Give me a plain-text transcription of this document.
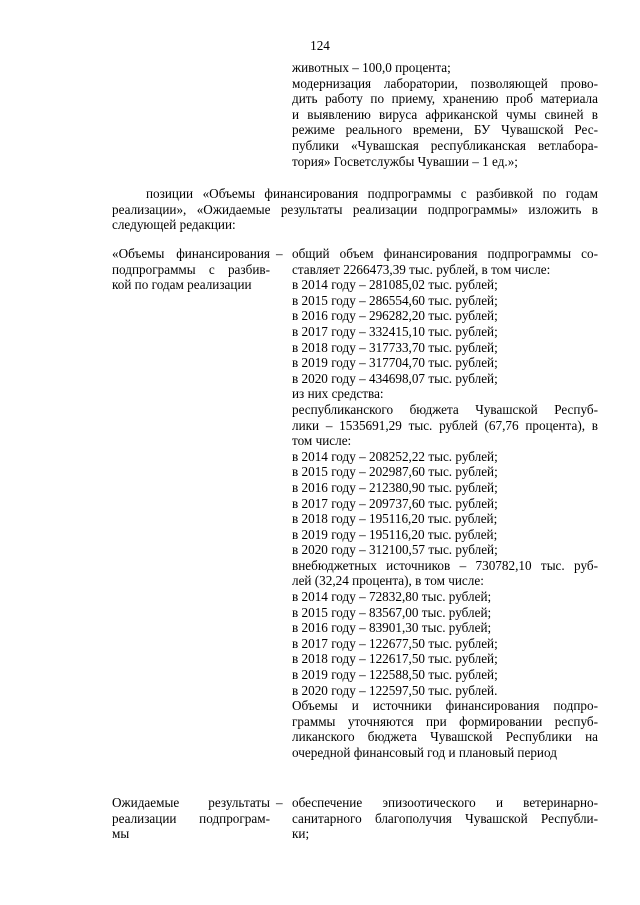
124
животных – 100,0 процента;
модернизация лаборатории, позволяющей прово-
дить работу по приему, хранению проб материала
и выявлению вируса африканской чумы свиней в
режиме реального времени, БУ Чувашской Рес-
публики «Чувашская республиканская ветлабора-
тория» Госветслужбы Чувашии – 1 ед.»;
позиции «Объемы финансирования подпрограммы с разбивкой по годам
реализации», «Ожидаемые результаты реализации подпрограммы» изложить в
следующей редакции:
«Объемы финансирования
подпрограммы с разбив-
кой по годам реализации
– общий объем финансирования подпрограммы со-
ставляет 2266473,39 тыс. рублей, в том числе:
в 2014 году – 281085,02 тыс. рублей;
в 2015 году – 286554,60 тыс. рублей;
в 2016 году – 296282,20 тыс. рублей;
в 2017 году – 332415,10 тыс. рублей;
в 2018 году – 317733,70 тыс. рублей;
в 2019 году – 317704,70 тыс. рублей;
в 2020 году – 434698,07 тыс. рублей;
из них средства:
республиканского бюджета Чувашской Респуб-
лики – 1535691,29 тыс. рублей (67,76 процента), в
том числе:
в 2014 году – 208252,22 тыс. рублей;
в 2015 году – 202987,60 тыс. рублей;
в 2016 году – 212380,90 тыс. рублей;
в 2017 году – 209737,60 тыс. рублей;
в 2018 году – 195116,20 тыс. рублей;
в 2019 году – 195116,20 тыс. рублей;
в 2020 году – 312100,57 тыс. рублей;
внебюджетных источников – 730782,10 тыс. руб-
лей (32,24 процента), в том числе:
в 2014 году – 72832,80 тыс. рублей;
в 2015 году – 83567,00 тыс. рублей;
в 2016 году – 83901,30 тыс. рублей;
в 2017 году – 122677,50 тыс. рублей;
в 2018 году – 122617,50 тыс. рублей;
в 2019 году – 122588,50 тыс. рублей;
в 2020 году – 122597,50 тыс. рублей.
Объемы и источники финансирования подпро-
граммы уточняются при формировании респуб-
ликанского бюджета Чувашской Республики на
очередной финансовый год и плановый период
Ожидаемые результаты
реализации подпрограм-
мы
– обеспечение эпизоотического и ветеринарно-
санитарного благополучия Чувашской Республи-
ки;
